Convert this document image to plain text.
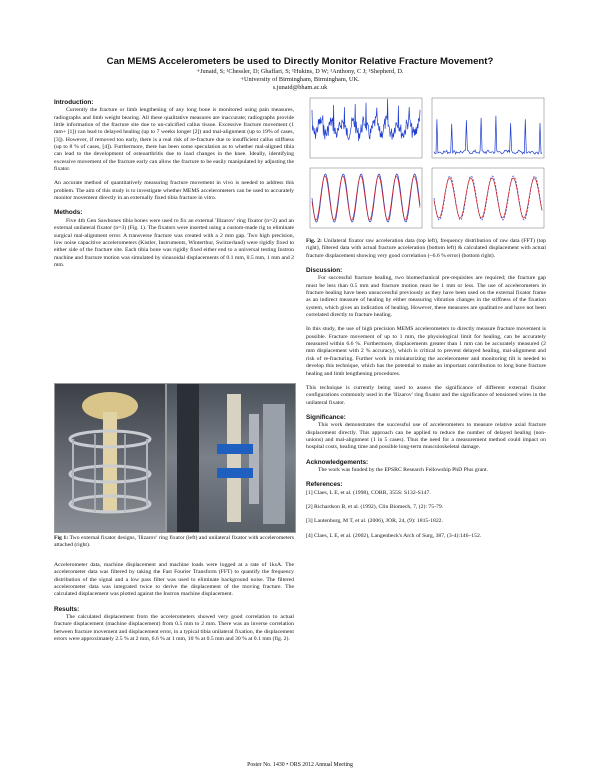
Can MEMS Accelerometers be used to Directly Monitor Relative Fracture Movement?
+Junaid, S; ¹Chessler, D; Ghaffari, S; ¹Hukins, D W; ¹Anthony, C J; ¹Shepherd, D.
+University of Birmingham, Birmingham, UK.
s.junaid@bham.ac.uk
Introduction:

Currently the fracture or limb lengthening of any long bone is monitored using pain measures, radiographs and limb weight bearing. All these qualitative measures are inaccurate; radiographs provide little information of the fracture site due to un-calcified callus tissue. Excessive fracture movement (1 mm+ [1]) can lead to delayed healing (up to 7 weeks longer [2]) and mal-alignment (up to 19% of cases, [3]). However, if removed too early, there is a real risk of re-fracture due to insufficient callus stiffness (up to 8 % of cases, [4]). Furthermore, there has been some speculation as to whether mal-aligned tibia can lead to the development of osteoarthritis due to load changes in the knee. Ideally, identifying excessive movement of the fracture early can allow the fracture to be easily manipulated by adjusting the fixator.

An accurate method of quantitatively measuring fracture movement in vivo is needed to address this problem. The aim of this study is to investigate whether MEMS accelerometers can be used to accurately monitor movement directly in an externally fixed tibia fracture in vitro.

Methods:

Five 4th Gen Sawbones tibia bones were used to fix an external 'Ilizarov' ring fixator (n=2) and an external unilateral fixator (n=3) (Fig. 1). The fixators were inserted using a custom-made rig to eliminate surgical mal-alignment error. A transverse fracture was created with a 2 mm gap. Two high precision, low noise capacitive accelerometers (Kistler, Instruments, Winterthur, Switzerland) were rigidly fixed to either side of the fracture site. Each tibia bone was rigidly fixed either end to a universal testing Instron machine and fracture motion was simulated by sinusoidal displacements of 0.1 mm, 0.5 mm, 1 mm and 2 mm.

Fig 1: Two external fixator designs, 'Ilizarov' ring fixator (left) and unilateral fixator with accelerometers attached (right).

Accelerometer data, machine displacement and machine loads were logged at a rate of 1ksA. The accelerometer data was filtered by taking the Fast Fourier Transform (FFT) to quantify the frequency distribution of the signal and a low pass filter was used to eliminate background noise. The filtered accelerometer data was integrated twice to derive the displacement of the moving fracture. The calculated displacement was plotted against the Instron machine displacement.

Results:

The calculated displacement from the accelerometers showed very good correlation to actual fracture displacement (machine displacement) from 0.5 mm to 2 mm. There was an inverse correlation between fracture movement and displacement error, in a typical tibia unilateral fixation, the displacement errors were approximately 2.5 % at 2 mm, 6.6 % at 1 mm, 10 % at 0.5 mm and 30 % at 0.1 mm (fig. 2).

Fig. 2: Unilateral fixator raw acceleration data (top left), frequency distribution of raw data (FFT) (top right), filtered data with actual fracture acceleration (bottom left) & calculated displacement with actual fracture displacement showing very good correlation (~6.6 % error) (bottom right).

Discussion:

For successful fracture healing, two biomechanical pre-requisites are required; the fracture gap must be less than 0.5 mm and fracture motion must be 1 mm or less. The use of accelerometers in fracture healing have been unsuccessful previously as they have been used on the external fixator frame as an indirect measure of healing by either measuring vibration changes in the stiffness of the fixation system, which gives an indication of healing. However, these measures are qualitative and have not been correlated directly to fracture healing.

In this study, the use of high precision MEMS accelerometers to directly measure fracture movement is possible. Fracture movement of up to 1 mm, the physiological limit for healing, can be accurately measured within 6.6 %. Furthermore, displacements greater than 1 mm can be accurately measured (2 mm displacement with 2 % accuracy), which is critical to prevent delayed healing, mal-alignment and risk of re-fracturing. Further work in miniaturizing the accelerometer and monitoring tilt is needed to develop this technique, which has the potential to make an important contribution to long bone fracture healing and limb lengthening procedures.

This technique is currently being used to assess the significance of different external fixator configurations commonly used in the 'Ilizarov' ring fixator and the significance of tensioned wires in the unilateral fixator.

Significance:

This work demonstrates the successful use of accelerometers to measure relative axial fracture displacement directly. This approach can be applied to reduce the number of delayed healing (non-unions) and mal-alignment (1 in 5 cases). Thus the need for a measurement method could impact on hospital costs, healing time and possible long-term musculoskeletal damage.

Acknowledgements:

The work was funded by the EPSRC Research Fellowship PhD Plus grant.

References:

[1] Claes, L E, et al. (1998), CORR, 355S: S132-S147.

[2] Richardson B, et al. (1992), Clin Biomech, 7, (2): 75-79.

[3] Lautenburg, M T, et al. (2006), JOR, 24, (9): 1815-1822.

[4] Claes, L E, et al. (2002), Langenbeck's Arch of Surg, 387, (3-4):146–152.

Poster No. 1430 • ORS 2012 Annual Meeting
